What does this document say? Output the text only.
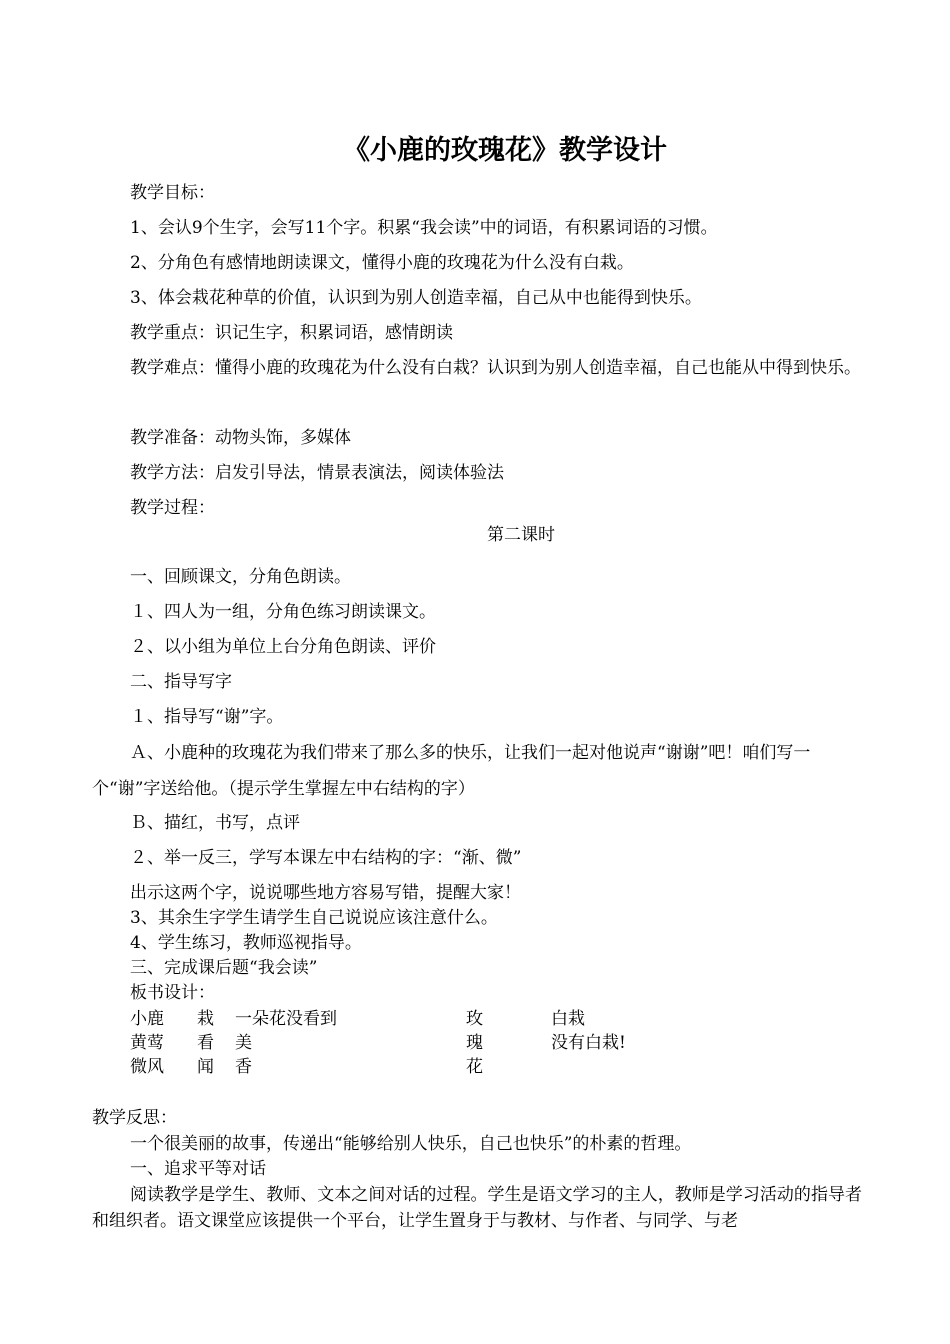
《小鹿的玫瑰花》教学设计
教学目标：
1、会认9个生字，会写11个字。积累“我会读”中的词语，有积累词语的习惯。
2、分角色有感情地朗读课文，懂得小鹿的玫瑰花为什么没有白栽。
3、体会栽花种草的价值，认识到为别人创造幸福，自己从中也能得到快乐。
教学重点：识记生字，积累词语，感情朗读
教学难点：懂得小鹿的玫瑰花为什么没有白栽？认识到为别人创造幸福，自己也能从中得到快乐。
教学准备：动物头饰，多媒体
教学方法：启发引导法，情景表演法，阅读体验法
教学过程：
第二课时
一、回顾课文，分角色朗读。
１、四人为一组，分角色练习朗读课文。
２、以小组为单位上台分角色朗读、评价
二、指导写字
１、指导写“谢”字。
Ａ、小鹿种的玫瑰花为我们带来了那么多的快乐，让我们一起对他说声“谢谢”吧！咱们写一个“谢”字送给他。（提示学生掌握左中右结构的字）
Ｂ、描红，书写，点评
２、举一反三，学写本课左中右结构的字：“渐、微”
出示这两个字，说说哪些地方容易写错，提醒大家！
3、其余生字学生请学生自己说说应该注意什么。
4、学生练习，教师巡视指导。
三、完成课后题“我会读”
板书设计：
小鹿
黄莺
微风
栽
看
闻
一朵花没看到
美
香
玫
瑰
花
白栽
没有白栽!
教学反思：
一个很美丽的故事，传递出“能够给别人快乐，自己也快乐”的朴素的哲理。
一、追求平等对话
阅读教学是学生、教师、文本之间对话的过程。学生是语文学习的主人，教师是学习活动的指导者和组织者。语文课堂应该提供一个平台，让学生置身于与教材、与作者、与同学、与老
